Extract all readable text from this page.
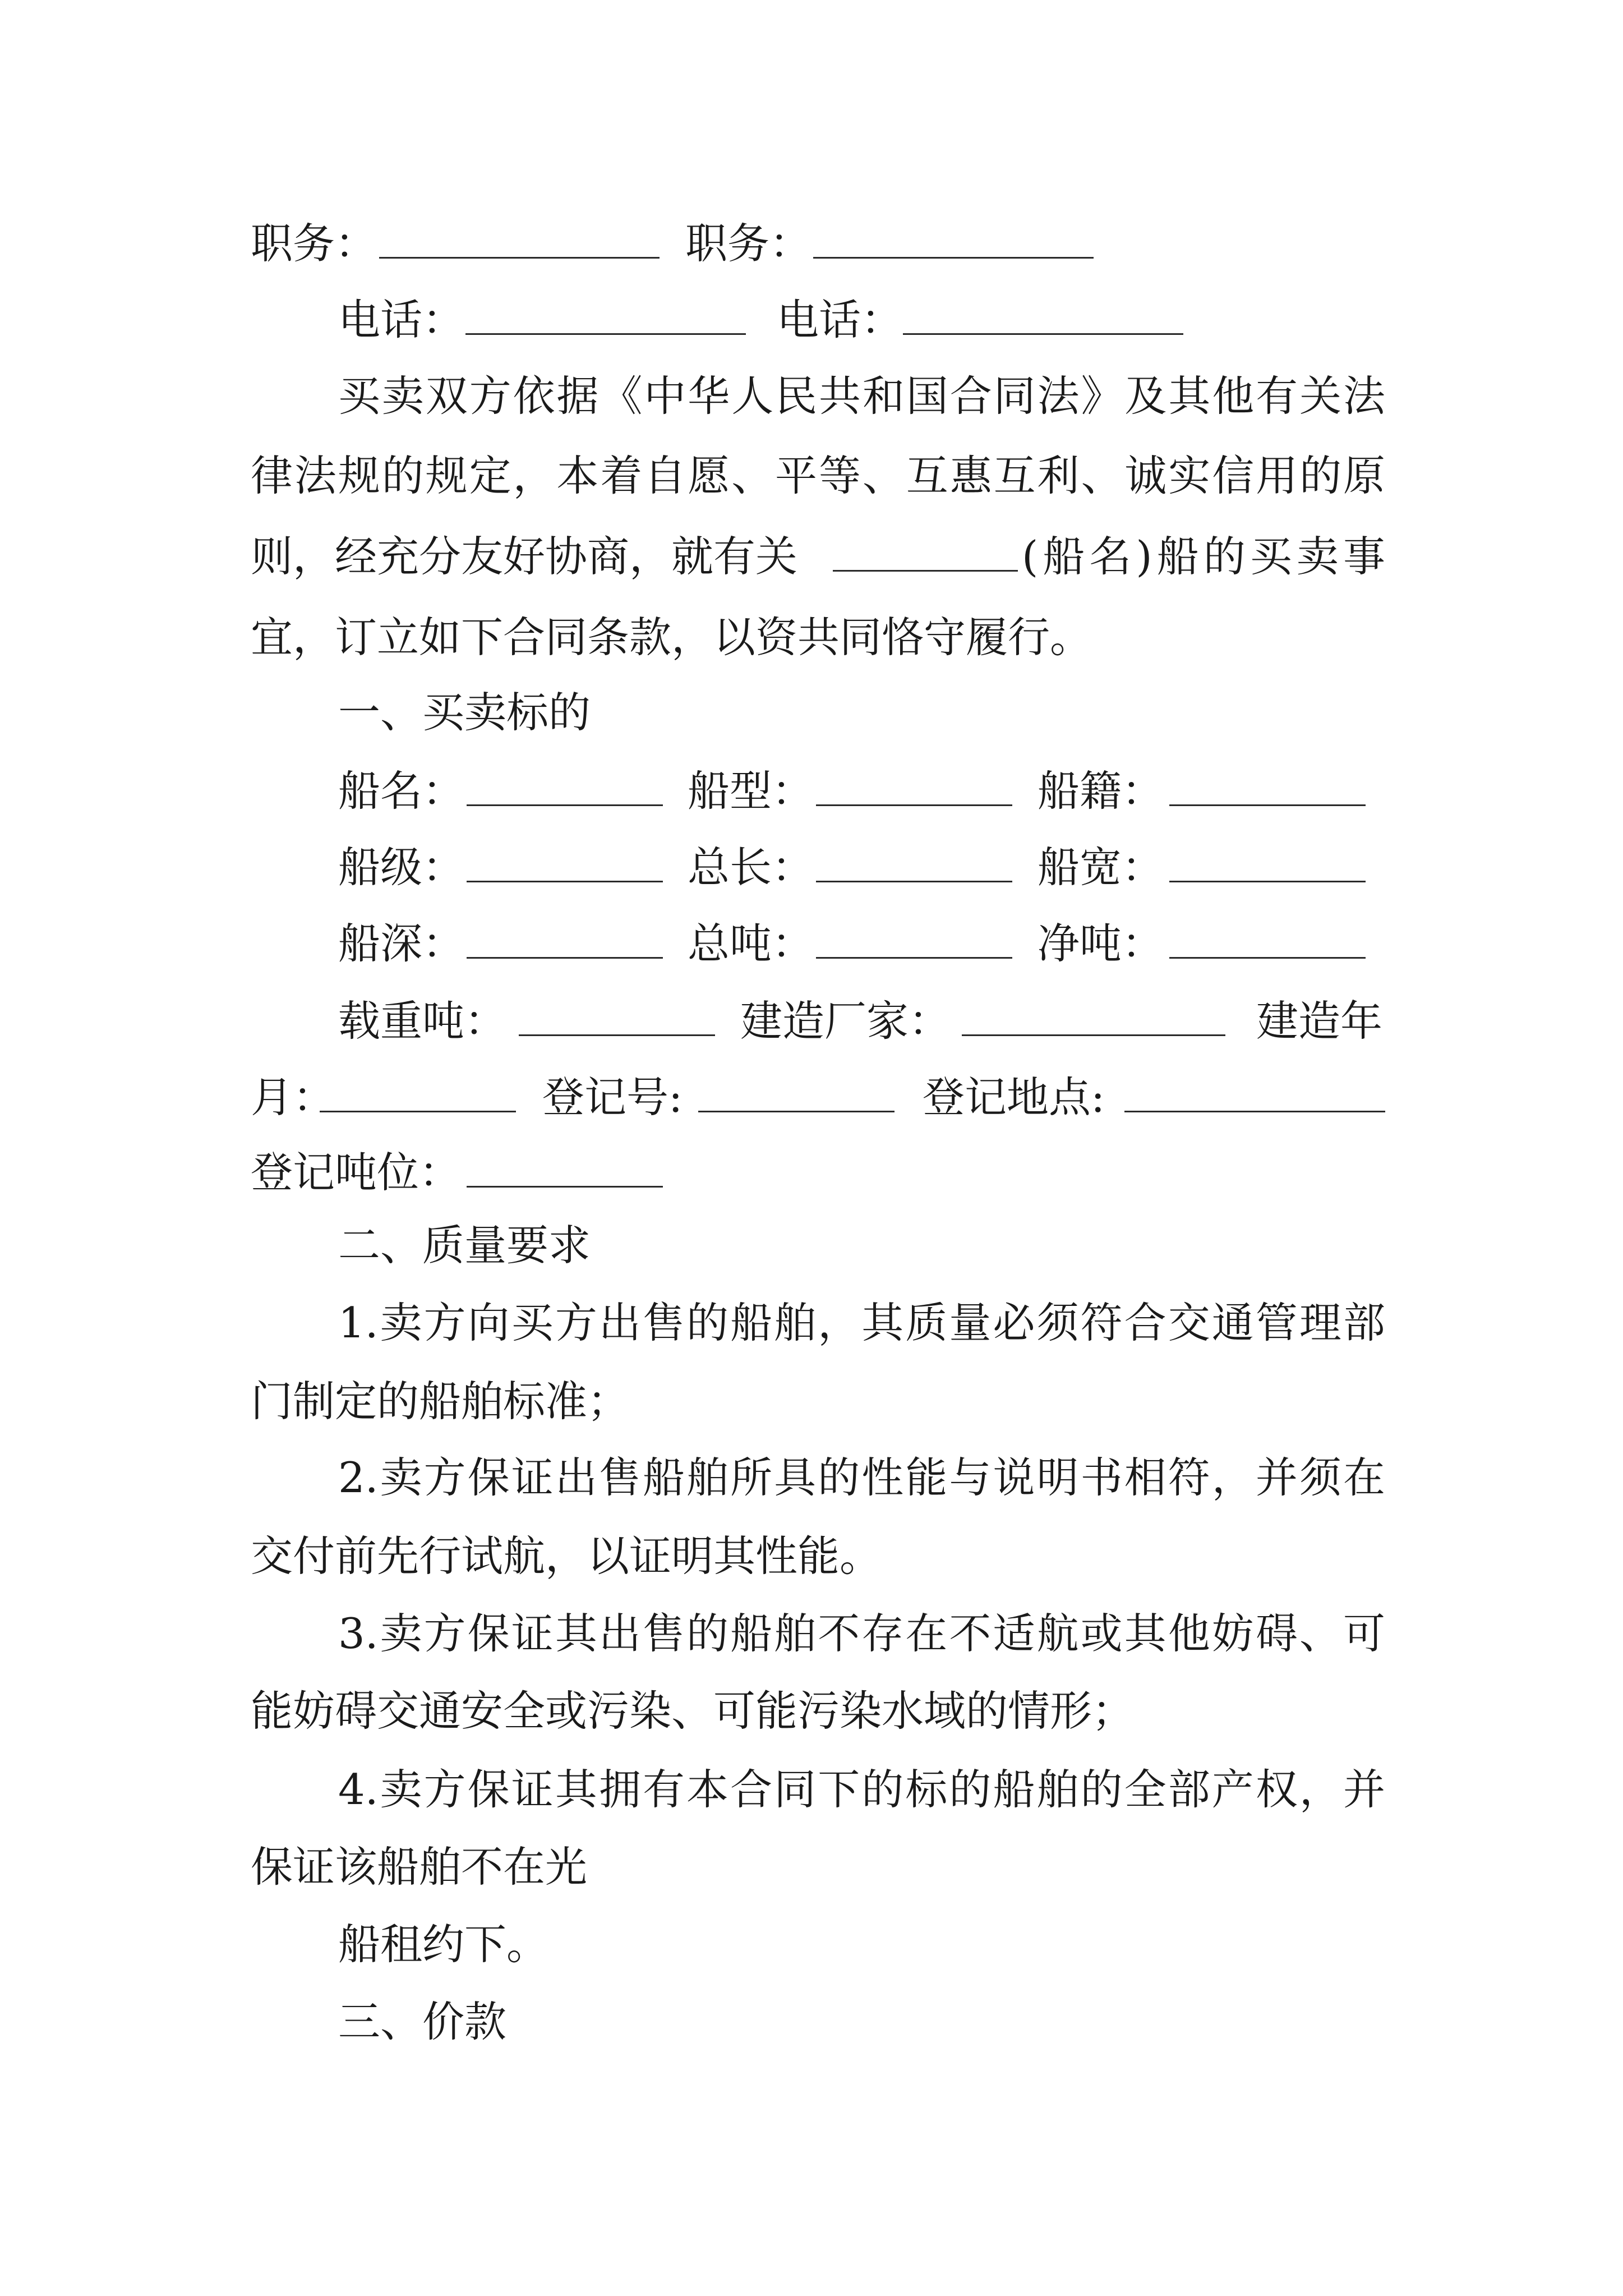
职务：	职务：
电话：	电话：
买卖双方依据《中华人民共和国合同法》及其他有关法
律法规的规定，本着自愿、平等、互惠互利、诚实信用的原
则，经充分友好协商，就有关	(船名)船的买卖事
宜，订立如下合同条款，以资共同恪守履行。
一、买卖标的
船名：	船型：	船籍：
船级：	总长：	船宽：
船深：	总吨：	净吨：
载重吨：	建造厂家：	建造年
月：	登记号:	登记地点:
登记吨位：
二、质量要求
1.卖方向买方出售的船舶，其质量必须符合交通管理部
门制定的船舶标准；
2.卖方保证出售船舶所具的性能与说明书相符，并须在
交付前先行试航，以证明其性能。
3.卖方保证其出售的船舶不存在不适航或其他妨碍、可
能妨碍交通安全或污染、可能污染水域的情形；
4.卖方保证其拥有本合同下的标的船舶的全部产权，并
保证该船舶不在光
船租约下。
三、价款
